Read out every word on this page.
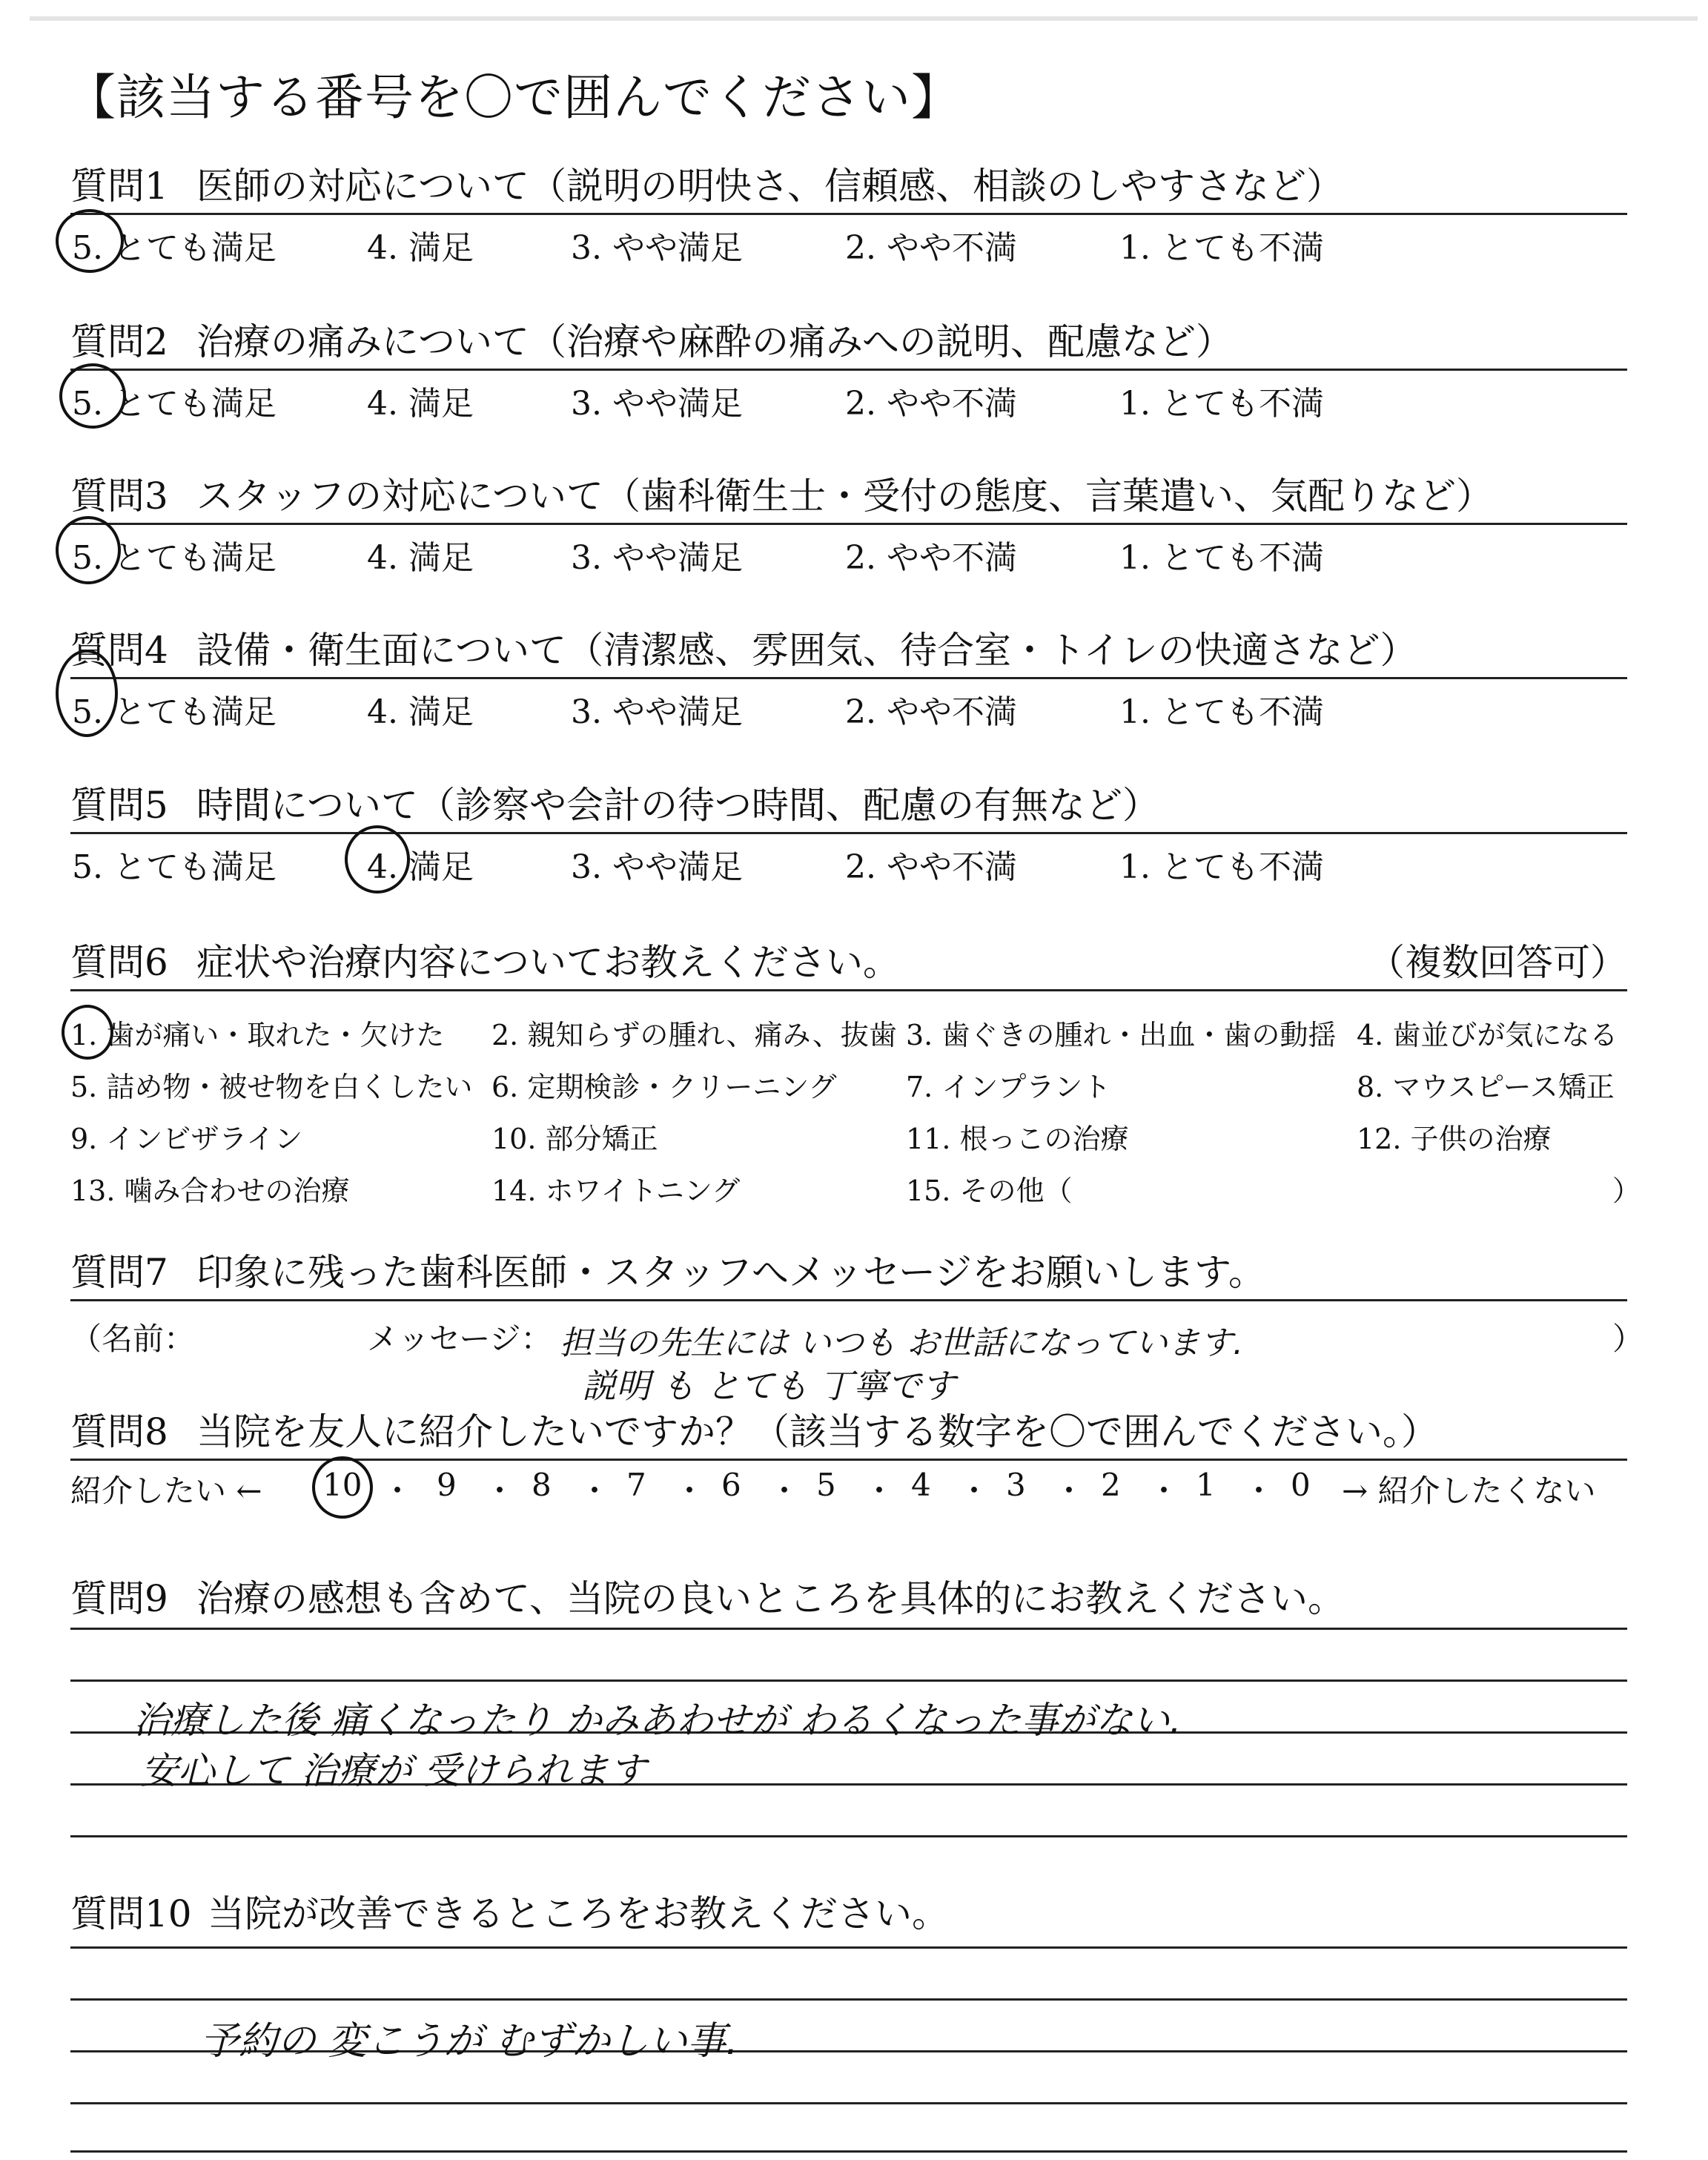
【該当する番号を〇で囲んでください】
質問1 医師の対応について（説明の明快さ、信頼感、相談のしやすさなど）
5. とても満足	4. 満足	3. やや満足	2. やや不満	1. とても不満
質問2 治療の痛みについて（治療や麻酔の痛みへの説明、配慮など）
5. とても満足	4. 満足	3. やや満足	2. やや不満	1. とても不満
質問3 スタッフの対応について（歯科衛生士・受付の態度、言葉遣い、気配りなど）
5. とても満足	4. 満足	3. やや満足	2. やや不満	1. とても不満
質問4 設備・衛生面について（清潔感、雰囲気、待合室・トイレの快適さなど）
5. とても満足	4. 満足	3. やや満足	2. やや不満	1. とても不満
質問5 時間について（診察や会計の待つ時間、配慮の有無など）
5. とても満足	4. 満足	3. やや満足	2. やや不満	1. とても不満
質問6 症状や治療内容についてお教えください。	（複数回答可）
1. 歯が痛い・取れた・欠けた 2. 親知らずの腫れ、痛み、抜歯 3. 歯ぐきの腫れ・出血・歯の動揺 4. 歯並びが気になる
5. 詰め物・被せ物を白くしたい 6. 定期検診・クリーニング 7. インプラント	8. マウスピース矯正
9. インビザライン	10. 部分矯正	11. 根っこの治療	12. 子供の治療
13. 噛み合わせの治療	14. ホワイトニング	15. その他（	）
質問7 印象に残った歯科医師・スタッフへメッセージをお願いします。
（名前：	メッセージ：	）
担当の先生には いつも お世話になっています.
説明 も とても 丁寧です
質問8 当院を友人に紹介したいですか？（該当する数字を〇で囲んでください。）
紹介したい ← 10 ・ 9 ・ 8 ・ 7 ・ 6 ・ 5 ・ 4 ・ 3 ・ 2 ・ 1 ・ 0 → 紹介したくない
質問9 治療の感想も含めて、当院の良いところを具体的にお教えください。
治療した後 痛くなったり かみあわせが わるくなった事がない.
安心して 治療が 受けられます
質問10 当院が改善できるところをお教えください。
予約の 変こうが むずかしい事.
